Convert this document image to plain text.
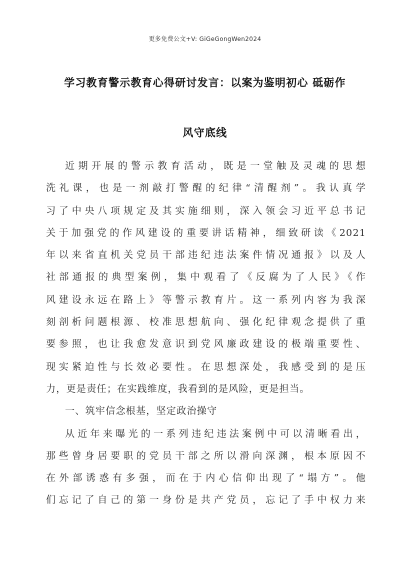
更多免费公文+V: GiGeGongWen2024
学习教育警示教育心得研讨发言：以案为鉴明初心 砥砺作
风守底线
近期开展的警示教育活动，既是一堂触及灵魂的思想
洗礼课，也是一剂敲打警醒的纪律“清醒剂”。我认真学
习了中央八项规定及其实施细则，深入领会习近平总书记
关于加强党的作风建设的重要讲话精神，细致研读《2021
年以来省直机关党员干部违纪违法案件情况通报》以及人
社部通报的典型案例，集中观看了《反腐为了人民》《作
风建设永远在路上》等警示教育片。这一系列内容为我深
刻剖析问题根源、校准思想航向、强化纪律观念提供了重
要参照，也让我愈发意识到党风廉政建设的极端重要性、
现实紧迫性与长效必要性。在思想深处，我感受到的是压
力，更是责任；在实践维度，我看到的是风险，更是担当。
一、筑牢信念根基，坚定政治操守
从近年来曝光的一系列违纪违法案例中可以清晰看出，
那些曾身居要职的党员干部之所以滑向深渊，根本原因不
在外部诱惑有多强，而在于内心信仰出现了“塌方”。他
们忘记了自己的第一身份是共产党员，忘记了手中权力来
